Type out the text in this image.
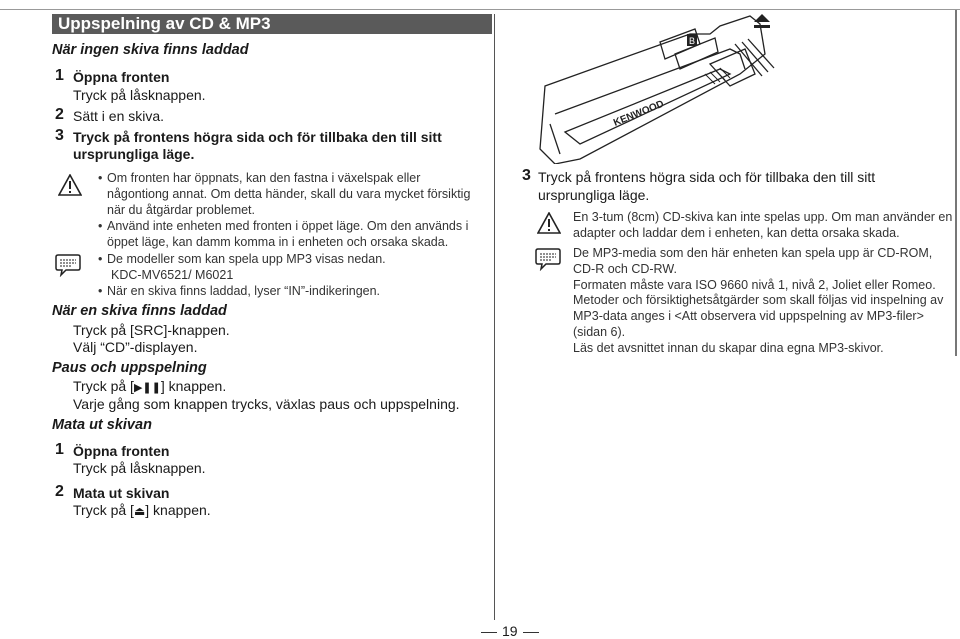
Uppspelning av CD & MP3
När ingen skiva finns laddad
1 Öppna fronten
Tryck på låsknappen.
2 Sätt i en skiva.
3 Tryck på frontens högra sida och för tillbaka den till sitt
ursprungliga läge.
• Om fronten har öppnats, kan den fastna i växelspak eller
någontiong annat. Om detta händer, skall du vara mycket försiktig
när du åtgärdar problemet.
• Använd inte enheten med fronten i öppet läge. Om den används i
öppet läge, kan damm komma in i enheten och orsaka skada.
• De modeller som kan spela upp MP3 visas nedan.
KDC-MV6521/ M6021
• När en skiva finns laddad, lyser “IN”-indikeringen.
När en skiva finns laddad
Tryck på [SRC]-knappen.
Välj “CD”-displayen.
Paus och uppspelning
Tryck på [▶❚❚] knappen.
Varje gång som knappen trycks, växlas paus och uppspelning.
Mata ut skivan
1 Öppna fronten
Tryck på låsknappen.
2 Mata ut skivan
Tryck på [⏏] knappen.
B
KENWOOD
3 Tryck på frontens högra sida och för tillbaka den till sitt
ursprungliga läge.
En 3-tum (8cm) CD-skiva kan inte spelas upp. Om man använder en
adapter och laddar dem i enheten, kan detta orsaka skada.
De MP3-media som den här enheten kan spela upp är CD-ROM,
CD-R och CD-RW.
Formaten måste vara ISO 9660 nivå 1, nivå 2, Joliet eller Romeo.
Metoder och försiktighetsåtgärder som skall följas vid inspelning av
MP3-data anges i <Att observera vid uppspelning av MP3-filer>
(sidan 6).
Läs det avsnittet innan du skapar dina egna MP3-skivor.
19
